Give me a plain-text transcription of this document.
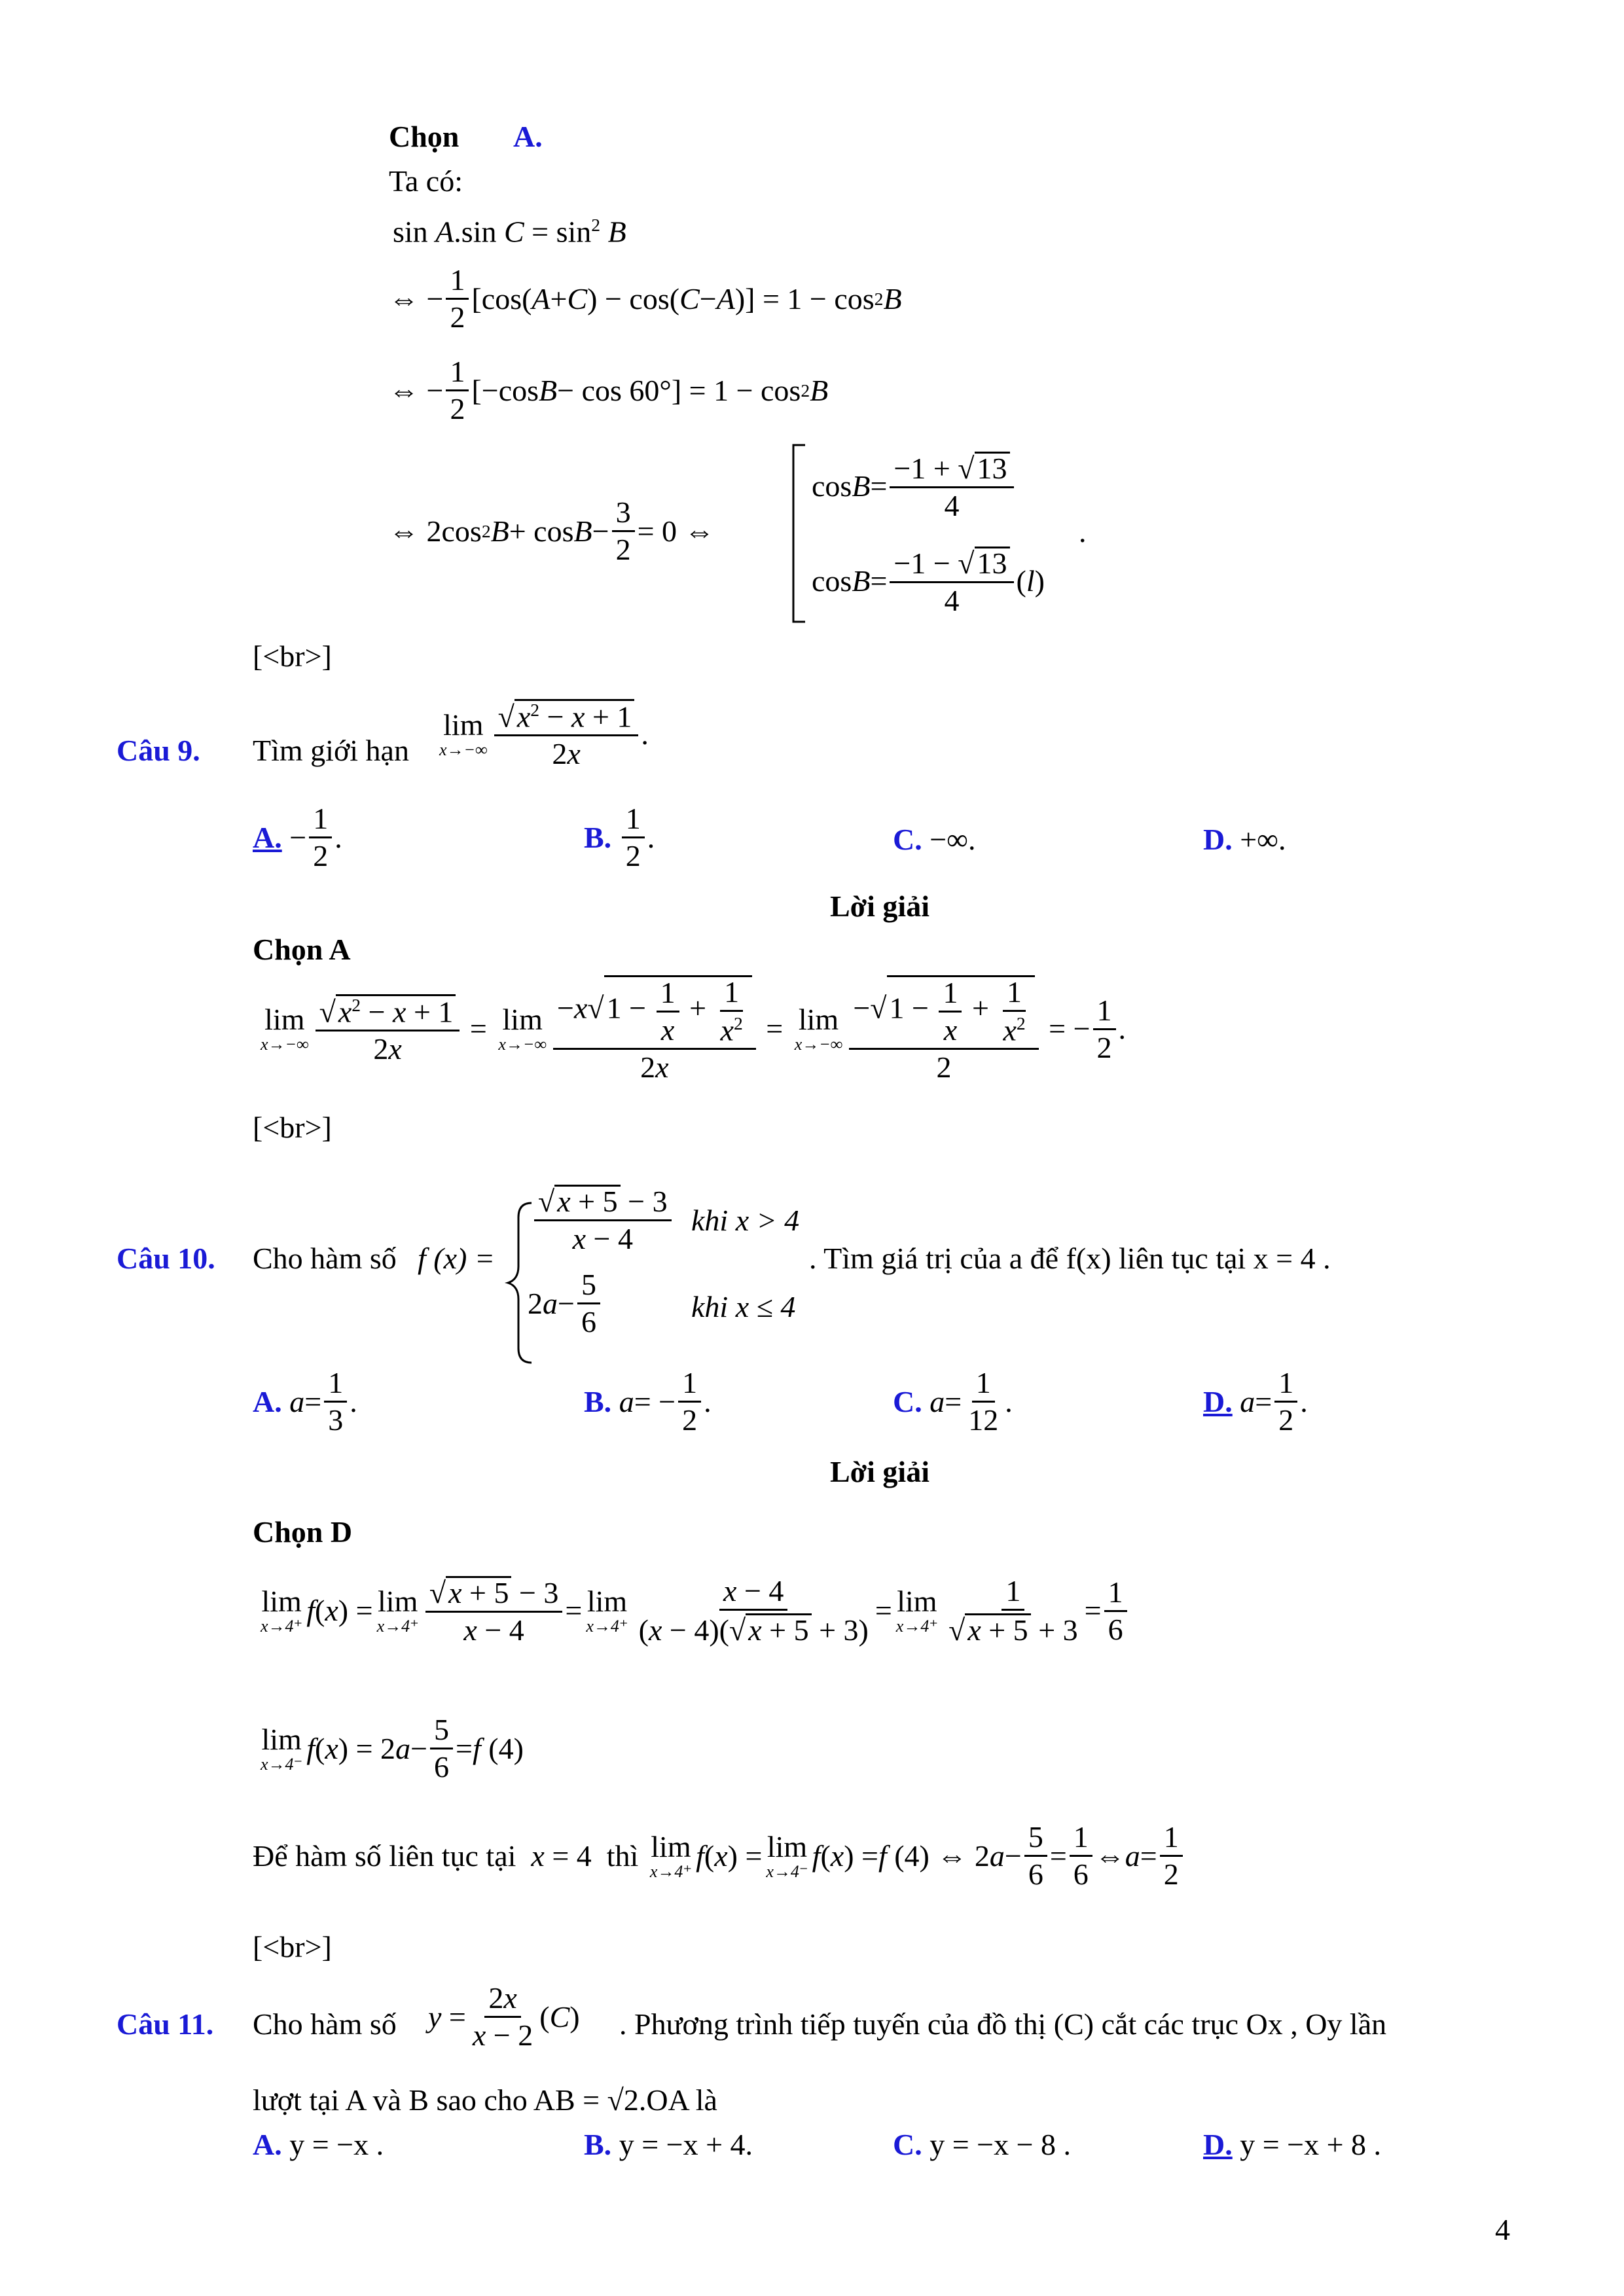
Chọn A.
Ta có:
sin A.sin $C = \sin^2 B$
⇔ − $\frac{1}{2} [\cos$( A + C ) − cos( C − A )] = 1 − cos 2 B
⇔ − $\frac{1}{2} [-\cos$ B − cos 60°] = 1 − cos 2 B
⇔ 2cos 2 $B + \cos B - \frac{3}{2} = 0$ ⇔
$\cos B = \frac{-1 + √13}{4}$
$\cos B = \frac{-1 - √13}{4}$ ( l )
.
[<br>]
Câu 9. Tìm giới hạn
lim
$x\to-\infty \frac{√x^2 - x + 1}{2x}$ .
A. − $\frac{1}{2}$ .	B.
$\frac{1}{2}$ .	C. −∞.	D. +∞.
Lời giải
Chọn A
lim
$x\to-\infty \frac{√x^2 - x + 1}{2x} = \lim$
$x\to-\infty \frac{-x√1 - \frac{1}{x} + \frac{1}{x^2}}{2x} = \lim$
$x\to-\infty \frac{-√1 - \frac{1}{x} + \frac{1}{x^2}}{2}$ = − $\frac{1}{2}$ .
[<br>]
Câu 10. Cho hàm số f (x) =
$\frac{√x + 5 - 3}{x - 4}$ khi x > 4
2 $a - \frac{5}{6}$	khi x ≤ 4
. Tìm giá trị của a để f(x) liên tục tại x = 4 .
A.
$a = \frac{1}{3}$ .	B.
a = − $\frac{1}{2}$ .	C.
$a = \frac{1}{12}$ .	D.
$a = \frac{1}{2}$ .
Lời giải
Chọn D
lim
x→4⁺ f ( x ) = lim
$x\to 4^+ \frac{√x + 5 - 3}{x - 4} = \lim$
$x\to 4^+ \frac{x - 4}{(x - 4)(√x + 5 + 3)} = \lim$
$x\to 4^+ \frac{1}{√x + 5 + 3} = \frac{1}{6}$
lim
x→4⁻ f ( x ) = 2 $a - \frac{5}{6} = f$ (4)
Để hàm số liên tục tại
x = 4 thì
lim
x→4⁺ f ( x ) = lim
x→4⁻ f ( x ) = f (4) ⇔ 2 $a - \frac{5}{6} = \frac{1}{6}$ ⇔ $a = \frac{1}{2}$
[<br>]
Câu 11. Cho hàm số $y = \frac{2x}{x - 2}$ ( C ) . Phương trình tiếp tuyến của đồ thị (C) cắt các trục Ox , Oy lần
lượt tại A và B sao cho AB = √2.OA là
A. y = −x .	B. y = −x + 4.	C. y = −x − 8 .	D. y = −x + 8 .
4
